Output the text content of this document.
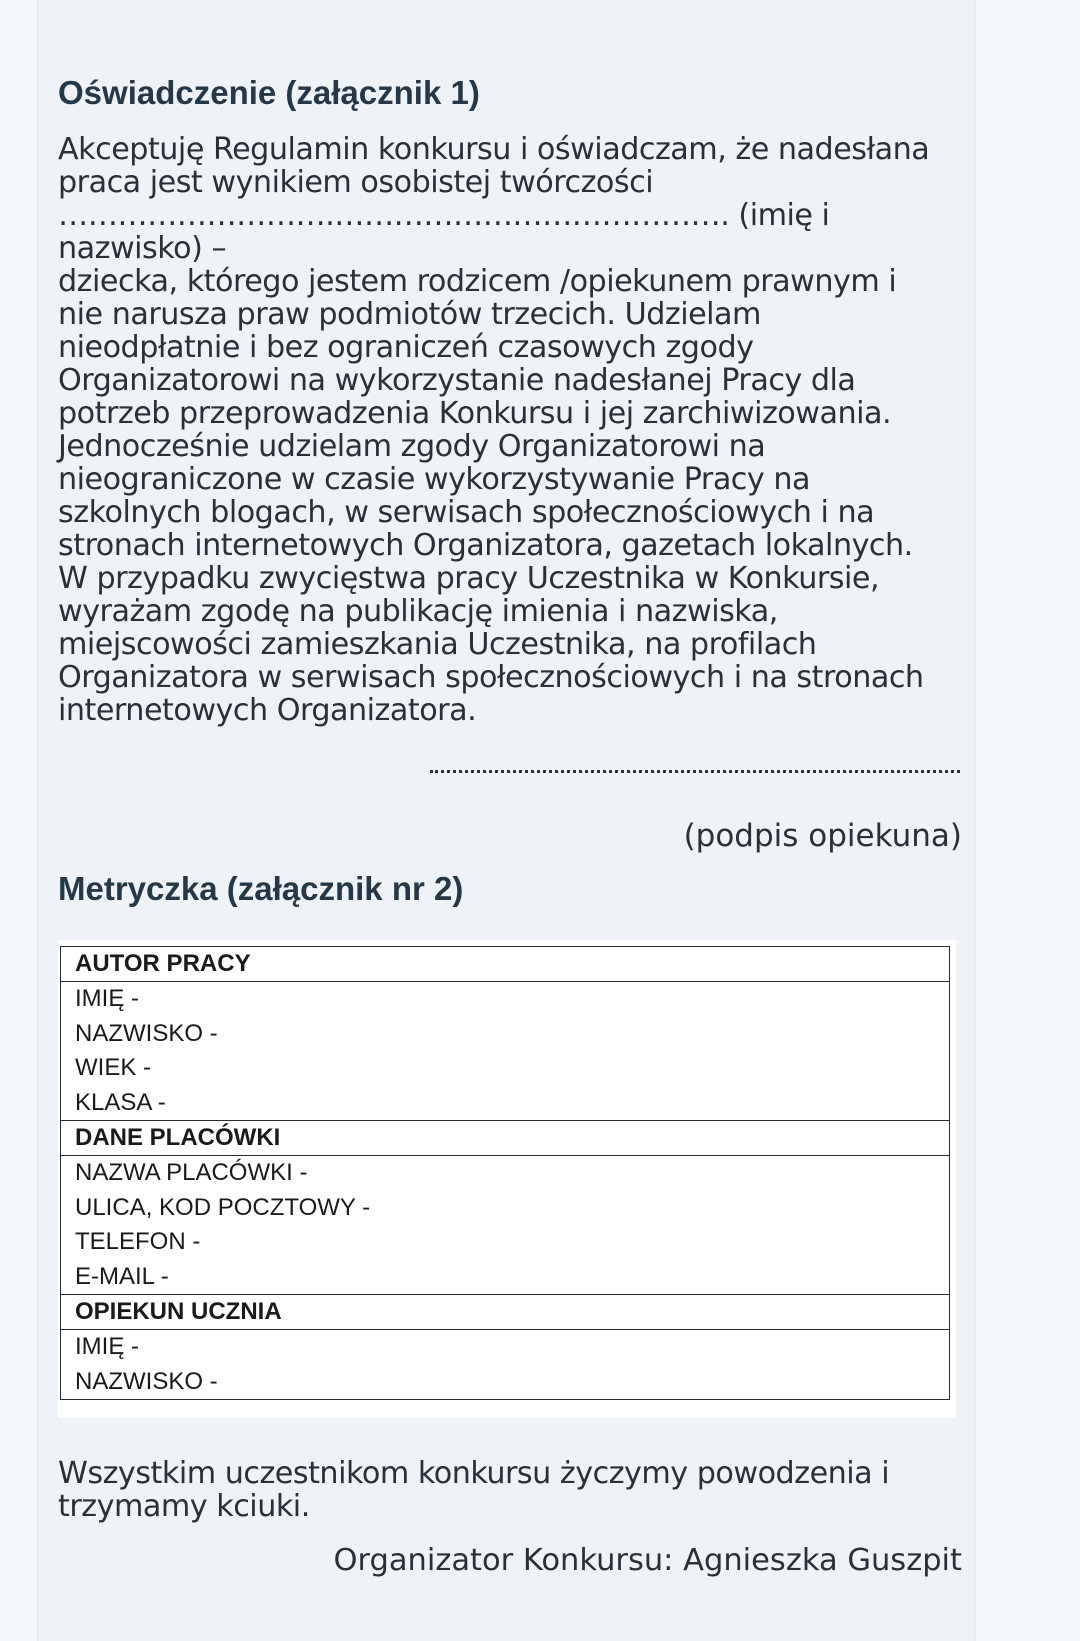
Oświadczenie (załącznik 1)

Akceptuję Regulamin konkursu i oświadczam, że nadesłana
praca jest wynikiem osobistej twórczości
……………………….…………………………………. (imię i nazwisko) –
dziecka, którego jestem rodzicem /opiekunem prawnym i
nie narusza praw podmiotów trzecich. Udzielam
nieodpłatnie i bez ograniczeń czasowych zgody
Organizatorowi na wykorzystanie nadesłanej Pracy dla
potrzeb przeprowadzenia Konkursu i jej zarchiwizowania.
Jednocześnie udzielam zgody Organizatorowi na
nieograniczone w czasie wykorzystywanie Pracy na
szkolnych blogach, w serwisach społecznościowych i na
stronach internetowych Organizatora, gazetach lokalnych.
W przypadku zwycięstwa pracy Uczestnika w Konkursie,
wyrażam zgodę na publikację imienia i nazwiska,
miejscowości zamieszkania Uczestnika, na profilach
Organizatora w serwisach społecznościowych i na stronach
internetowych Organizatora.

(podpis opiekuna)

Metryczka (załącznik nr 2)
AUTOR PRACY

IMIĘ -
NAZWISKO -
WIEK -
KLASA -

DANE PLACÓWKI

NAZWA PLACÓWKI -
ULICA, KOD POCZTOWY -
TELEFON -
E-MAIL -

OPIEKUN UCZNIA

IMIĘ -
NAZWISKO -

Wszystkim uczestnikom konkursu życzymy powodzenia i
trzymamy kciuki.

Organizator Konkursu: Agnieszka Guszpit
